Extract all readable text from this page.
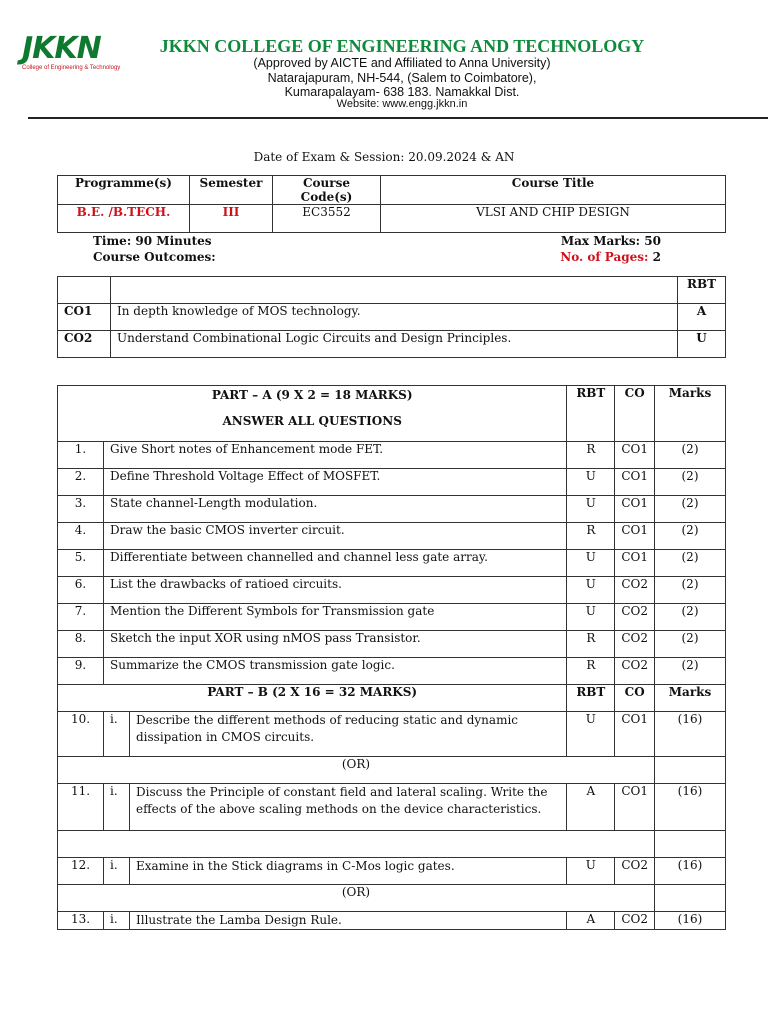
JKKN
College of Engineering & Technology
JKKN COLLEGE OF ENGINEERING AND TECHNOLOGY
(Approved by AICTE and Affiliated to Anna University)
Natarajapuram, NH-544, (Salem to Coimbatore),
Kumarapalayam- 638 183. Namakkal Dist.
Website: www.engg.jkkn.in
Date of Exam & Session: 20.09.2024 & AN
Programme(s)	Semester	Course Code(s)	Course Title
B.E. /B.TECH.	III	EC3552	VLSI AND CHIP DESIGN
Time: 90 Minutes	Max Marks: 50
Course Outcomes:	No. of Pages: 2
		RBT
CO1	In depth knowledge of MOS technology.	A
CO2	Understand Combinational Logic Circuits and Design Principles.	U
PART – A (9 X 2 = 18 MARKS)
ANSWER ALL QUESTIONS			RBT	CO	Marks
1.	Give Short notes of Enhancement mode FET.		R	CO1	(2)
2.	Define Threshold Voltage Effect of MOSFET.		U	CO1	(2)
3.	State channel-Length modulation.		U	CO1	(2)
4.	Draw the basic CMOS inverter circuit.		R	CO1	(2)
5.	Differentiate between channelled and channel less gate array.		U	CO1	(2)
6.	List the drawbacks of ratioed circuits.		U	CO2	(2)
7.	Mention the Different Symbols for Transmission gate		U	CO2	(2)
8.	Sketch the input XOR using nMOS pass Transistor.		R	CO2	(2)
9.	Summarize the CMOS transmission gate logic.		R	CO2	(2)
PART – B (2 X 16 = 32 MARKS)			RBT	CO	Marks
10.	i.	Describe the different methods of reducing static and dynamic
dissipation in CMOS circuits.	U	CO1	(16)
(OR)					
11.	i.	Discuss the Principle of constant field and lateral scaling. Write the
effects of the above scaling methods on the device characteristics.	A	CO1	(16)

12.	i.	Examine in the Stick diagrams in C-Mos logic gates.	U	CO2	(16)
(OR)					
13.	i.	Illustrate the Lamba Design Rule.	A	CO2	(16)
